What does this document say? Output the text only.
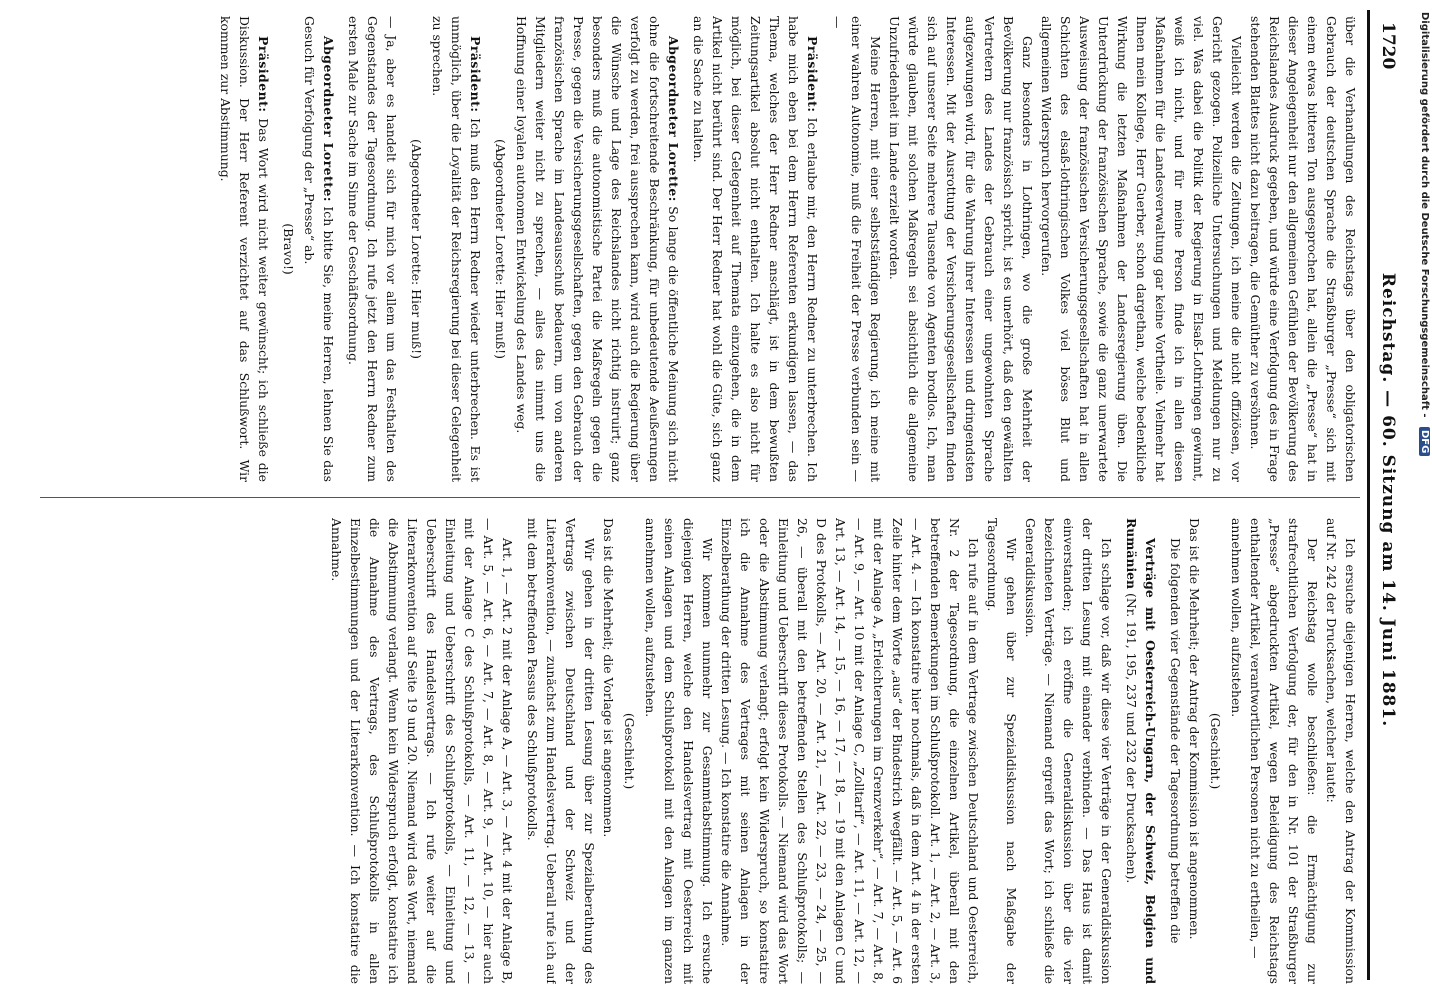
1720
Reichstag. — 60. Sitzung am 14. Juni 1881.

über die Verhandlungen des Reichstags über den obligatorischen Gebrauch der deutschen Sprache die Straßburger „Presse“ sich mit einem etwas bitteren Ton ausgesprochen hat, allein die „Presse“ hat in dieser Angelegenheit nur den allgemeinen Gefühlen der Bevölkerung des Reichslandes Ausdruck gegeben, und würde eine Verfolgung des in Frage stehenden Blattes nicht dazu beitragen, die Gemüther zu versöhnen.

Vielleicht werden die Zeitungen, ich meine die nicht offiziösen, vor Gericht gezogen. Polizeiliche Untersuchungen und Meldungen nur zu viel. Was dabei die Politik der Regierung in Elsaß-Lothringen gewinnt, weiß ich nicht, und für meine Person finde ich in allen diesen Maßnahmen für die Landesverwaltung gar keine Vortheile. Vielmehr hat Ihnen mein Kollege, Herr Guerber, schon dargethan, welche bedenkliche Wirkung die letzten Maßnahmen der Landesregierung üben. Die Unterdrückung der französischen Sprache, sowie die ganz unerwartete Ausweisung der französischen Versicherungsgesellschaften hat in allen Schichten des elsaß-lothringischen Volkes viel böses Blut und allgemeinen Widerspruch hervorgerufen.

Ganz besonders in Lothringen, wo die große Mehrheit der Bevölkerung nur französisch spricht, ist es unerhört, daß den gewählten Vertretern des Landes der Gebrauch einer ungewohnten Sprache aufgezwungen wird, für die Wahrung ihrer Interessen und dringendsten Interessen. Mit der Ausrottung der Versicherungsgesellschaften finden sich auf unserer Seite mehrere Tausende von Agenten brodlos. Ich, man würde glauben, mit solchen Maßregeln sei absichtlich die allgemeine Unzufriedenheit im Lande erzielt worden.

Meine Herren, mit einer selbstständigen Regierung, ich meine mit einer wahren Autonomie, muß die Freiheit der Presse verbunden sein — —

Präsident: Ich erlaube mir, den Herrn Redner zu unterbrechen. Ich habe mich eben bei dem Herrn Referenten erkundigen lassen, — das Thema, welches der Herr Redner anschlägt, ist in dem bewußten Zeitungsartikel absolut nicht enthalten. Ich halte es also nicht für möglich, bei dieser Gelegenheit auf Themata einzugehen, die in dem Artikel nicht berührt sind. Der Herr Redner hat wohl die Güte, sich ganz an die Sache zu halten.

Abgeordneter Lorette: So lange die öffentliche Meinung sich nicht ohne die fortschreitende Beschränkung, für unbedeutende Aeußerungen verfolgt zu werden, frei aussprechen kann, wird auch die Regierung über die Wünsche und Lage des Reichslandes nicht richtig instruirt; ganz besonders muß die autonomistische Partei die Maßregeln gegen die Presse, gegen die Versicherungsgesellschaften, gegen den Gebrauch der französischen Sprache im Landesausschuß bedauern, um von anderen Mitgliedern weiter nicht zu sprechen, — alles das nimmt uns die Hoffnung einer loyalen autonomen Entwickelung des Landes weg.

(Abgeordneter Lorette: Hier muß!)

Präsident: Ich muß den Herrn Redner wieder unterbrechen. Es ist unmöglich, über die Loyalität der Reichsregierung bei dieser Gelegenheit zu sprechen.

(Abgeordneter Lorette: Hier muß!)

— Ja, aber es handelt sich für mich vor allem um das Festhalten des Gegenstandes der Tagesordnung. Ich rufe jetzt den Herrn Redner zum ersten Male zur Sache im Sinne der Geschäftsordnung.

Abgeordneter Lorette: Ich bitte Sie, meine Herren, lehnen Sie das Gesuch für Verfolgung der „Presse“ ab.

(Bravo!)

Präsident: Das Wort wird nicht weiter gewünscht; ich schließe die Diskussion. Der Herr Referent verzichtet auf das Schlußwort. Wir kommen zur Abstimmung.

Ich ersuche diejenigen Herren, welche den Antrag der Kommission auf Nr. 242 der Drucksachen, welcher lautet:

Der Reichstag wolle beschließen: die Ermächtigung zur strafrechtlichen Verfolgung der, für den in Nr. 101 der Straßburger „Presse“ abgedruckten Artikel, wegen Beleidigung des Reichstags enthaltender Artikel, verantwortlichen Personen nicht zu ertheilen, —

annehmen wollen, aufzustehen.

(Geschieht.)

Das ist die Mehrheit; der Antrag der Kommission ist angenommen.

Die folgenden vier Gegenstände der Tagesordnung betreffen die

Verträge mit Oesterreich-Ungarn, der Schweiz, Belgien und Rumänien (Nr. 191, 195, 237 und 232 der Drucksachen).

Ich schlage vor, daß wir diese vier Verträge in der Generaldiskussion der dritten Lesung mit einander verbinden. — Das Haus ist damit einverstanden; ich eröffne die Generaldiskussion über die vier bezeichneten Verträge. — Niemand ergreift das Wort; ich schließe die Generaldiskussion.

Wir gehen über zur Spezialdiskussion nach Maßgabe der Tagesordnung.

Ich rufe auf in dem Vertrage zwischen Deutschland und Oesterreich, Nr. 2 der Tagesordnung, die einzelnen Artikel, überall mit den betreffenden Bemerkungen im Schlußprotokoll. Art. 1, — Art. 2, — Art. 3, — Art. 4. — Ich konstatire hier nochmals, daß in dem Art. 4 in der ersten Zeile hinter dem Worte „aus“ der Bindestrich wegfällt. — Art. 5, — Art. 6 mit der Anlage A, „Erleichterungen im Grenzverkehr“, — Art. 7, — Art. 8, — Art. 9, — Art. 10 mit der Anlage C, „Zolltarif“, — Art. 11, — Art. 12, — Art. 13, — Art. 14, — 15, — 16, — 17, — 18, — 19 mit den Anlagen C und D des Protokolls, — Art. 20, — Art. 21, — Art. 22, — 23, — 24, — 25, — 26, — überall mit den betreffenden Stellen des Schlußprotokolls; — Einleitung und Ueberschrift dieses Protokolls. — Niemand wird das Wort oder die Abstimmung verlangt; erfolgt kein Widerspruch, so konstatire ich die Annahme des Vertrages mit seinen Anlagen in der Einzelberathung der dritten Lesung. — Ich konstatire die Annahme.

Wir kommen nunmehr zur Gesammtabstimmung. Ich ersuche diejenigen Herren, welche den Handelsvertrag mit Oesterreich mit seinen Anlagen und dem Schlußprotokoll mit den Anlagen im ganzen annehmen wollen, aufzustehen.

(Geschieht.)

Das ist die Mehrheit; die Vorlage ist angenommen.

Wir gehen in der dritten Lesung über zur Spezialberathung des Vertrags zwischen Deutschland und der Schweiz und der Literarkonvention, — zunächst zum Handelsvertrag. Ueberall rufe ich auf mit dem betreffenden Passus des Schlußprotokolls.

Art. 1, — Art. 2 mit der Anlage A, — Art. 3, — Art. 4 mit der Anlage B, — Art. 5, — Art. 6, — Art. 7, — Art. 8, — Art. 9, — Art. 10, — hier auch mit der Anlage C des Schlußprotokolls, — Art. 11, — 12, — 13, — Einleitung und Ueberschrift des Schlußprotokolls, — Einleitung und Ueberschrift des Handelsvertrags. — Ich rufe weiter auf die Literarkonvention auf Seite 19 und 20. Niemand wird das Wort, niemand die Abstimmung verlangt. Wenn kein Widerspruch erfolgt, konstatire ich die Annahme des Vertrags, des Schlußprotokolls in allen Einzelbestimmungen und der Literarkonvention. — Ich konstatire die Annahme.

Digitalisierung gefördert durch die Deutsche Forschungsgemeinschaft - DFG
